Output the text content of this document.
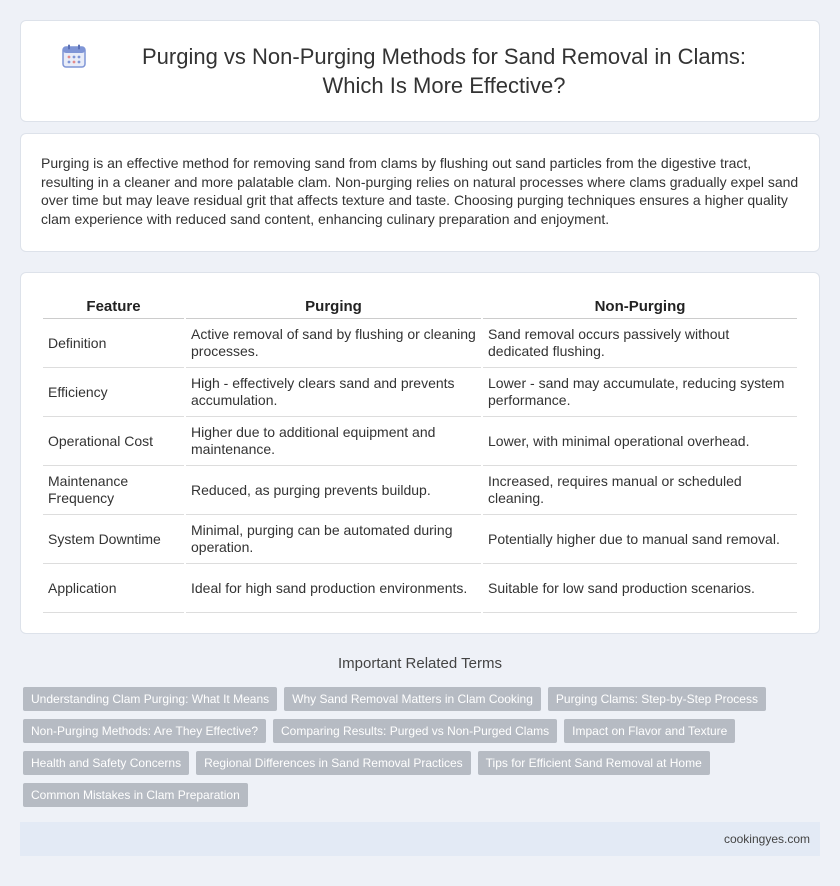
Purging vs Non-Purging Methods for Sand Removal in Clams: Which Is More Effective?

Purging is an effective method for removing sand from clams by flushing out sand particles from the digestive tract, resulting in a cleaner and more palatable clam. Non-purging relies on natural processes where clams gradually expel sand over time but may leave residual grit that affects texture and taste. Choosing purging techniques ensures a higher quality clam experience with reduced sand content, enhancing culinary preparation and enjoyment.

Feature	Purging	Non-Purging
Definition	Active removal of sand by flushing or cleaning processes.	Sand removal occurs passively without dedicated flushing.
Efficiency	High - effectively clears sand and prevents accumulation.	Lower - sand may accumulate, reducing system performance.
Operational Cost	Higher due to additional equipment and maintenance.	Lower, with minimal operational overhead.
Maintenance Frequency	Reduced, as purging prevents buildup.	Increased, requires manual or scheduled cleaning.
System Downtime	Minimal, purging can be automated during operation.	Potentially higher due to manual sand removal.
Application	Ideal for high sand production environments.	Suitable for low sand production scenarios.
Important Related Terms
Understanding Clam Purging: What It Means	Why Sand Removal Matters in Clam Cooking	Purging Clams: Step-by-Step Process
Non-Purging Methods: Are They Effective?	Comparing Results: Purged vs Non-Purged Clams	Impact on Flavor and Texture
Health and Safety Concerns	Regional Differences in Sand Removal Practices	Tips for Efficient Sand Removal at Home
Common Mistakes in Clam Preparation
cookingyes.com
